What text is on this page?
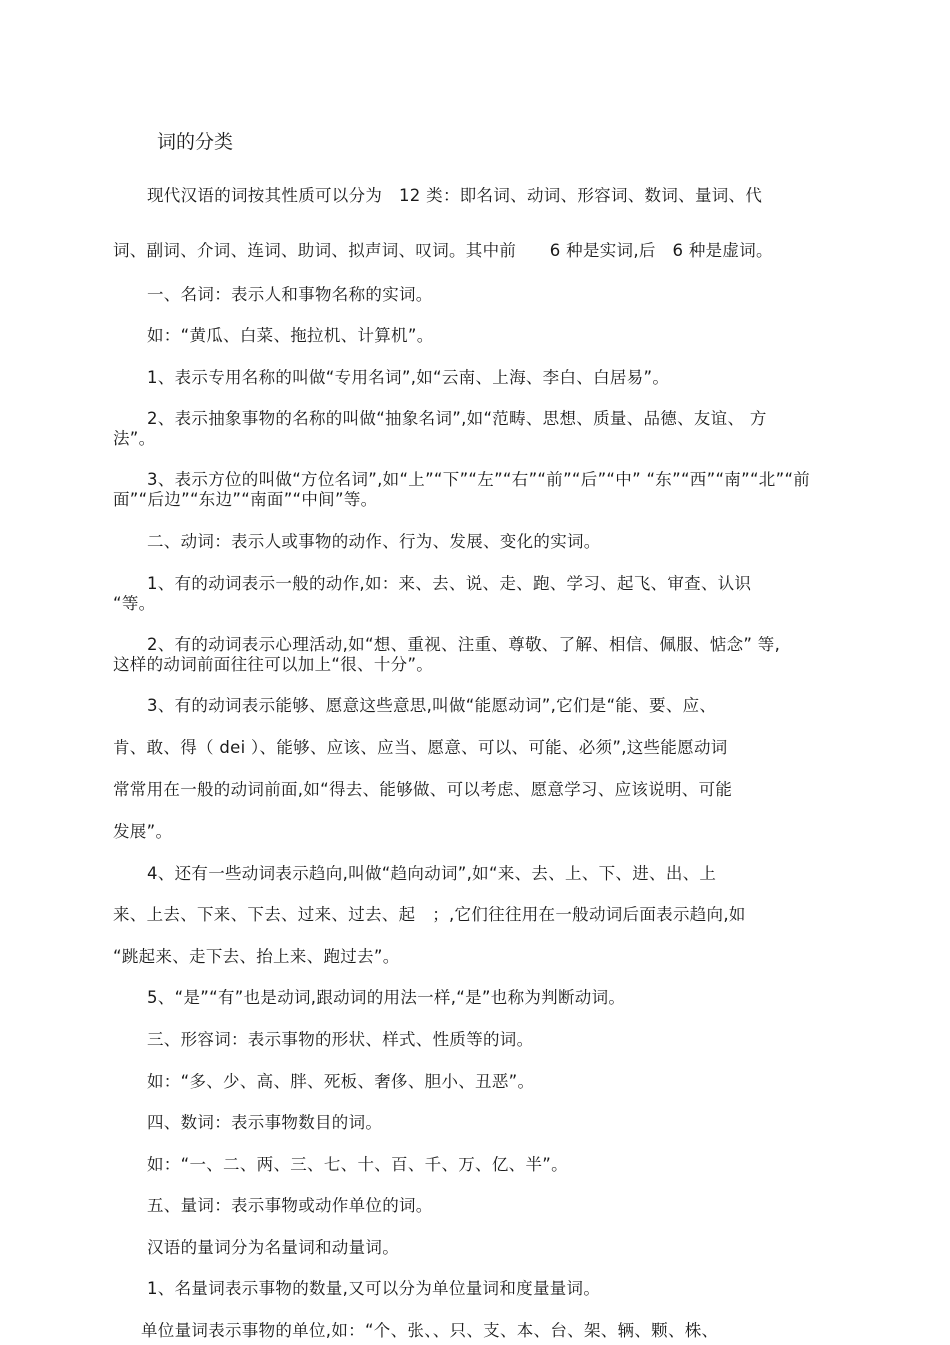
词的分类
现代汉语的词按其性质可以分为　12 类：即名词、动词、形容词、数词、量词、代
词、副词、介词、连词、助词、拟声词、叹词。其中前　　6 种是实词,后　6 种是虚词。
一、名词：表示人和事物名称的实词。
如：“黄瓜、白菜、拖拉机、计算机”。
1、表示专用名称的叫做“专用名词”,如“云南、上海、李白、白居易”。
2、表示抽象事物的名称的叫做“抽象名词”,如“范畴、思想、质量、品德、友谊、 方
法”。
3、表示方位的叫做“方位名词”,如“上”“下”“左”“右”“前”“后”“中” “东”“西”“南”“北”“前
面”“后边”“东边”“南面”“中间”等。
二、动词：表示人或事物的动作、行为、发展、变化的实词。
1、有的动词表示一般的动作,如：来、去、说、走、跑、学习、起飞、审查、认识
“等。
2、有的动词表示心理活动,如“想、重视、注重、尊敬、了解、相信、佩服、惦念” 等,
这样的动词前面往往可以加上“很、十分”。
3、有的动词表示能够、愿意这些意思,叫做“能愿动词”,它们是“能、要、应、
肯、敢、得（ dei ）、能够、应该、应当、愿意、可以、可能、必须”,这些能愿动词
常常用在一般的动词前面,如“得去、能够做、可以考虑、愿意学习、应该说明、可能
发展”。
4、还有一些动词表示趋向,叫做“趋向动词”,如“来、去、上、下、进、出、上
来、上去、下来、下去、过来、过去、起　；,它们往往用在一般动词后面表示趋向,如
“跳起来、走下去、抬上来、跑过去”。
5、“是”“有”也是动词,跟动词的用法一样,“是”也称为判断动词。
三、形容词：表示事物的形状、样式、性质等的词。
如：“多、少、高、胖、死板、奢侈、胆小、丑恶”。
四、数词：表示事物数目的词。
如：“一、二、两、三、七、十、百、千、万、亿、半”。
五、量词：表示事物或动作单位的词。
汉语的量词分为名量词和动量词。
1、名量词表示事物的数量,又可以分为单位量词和度量量词。
单位量词表示事物的单位,如：“个、张、、只、支、本、台、架、辆、颗、株、
